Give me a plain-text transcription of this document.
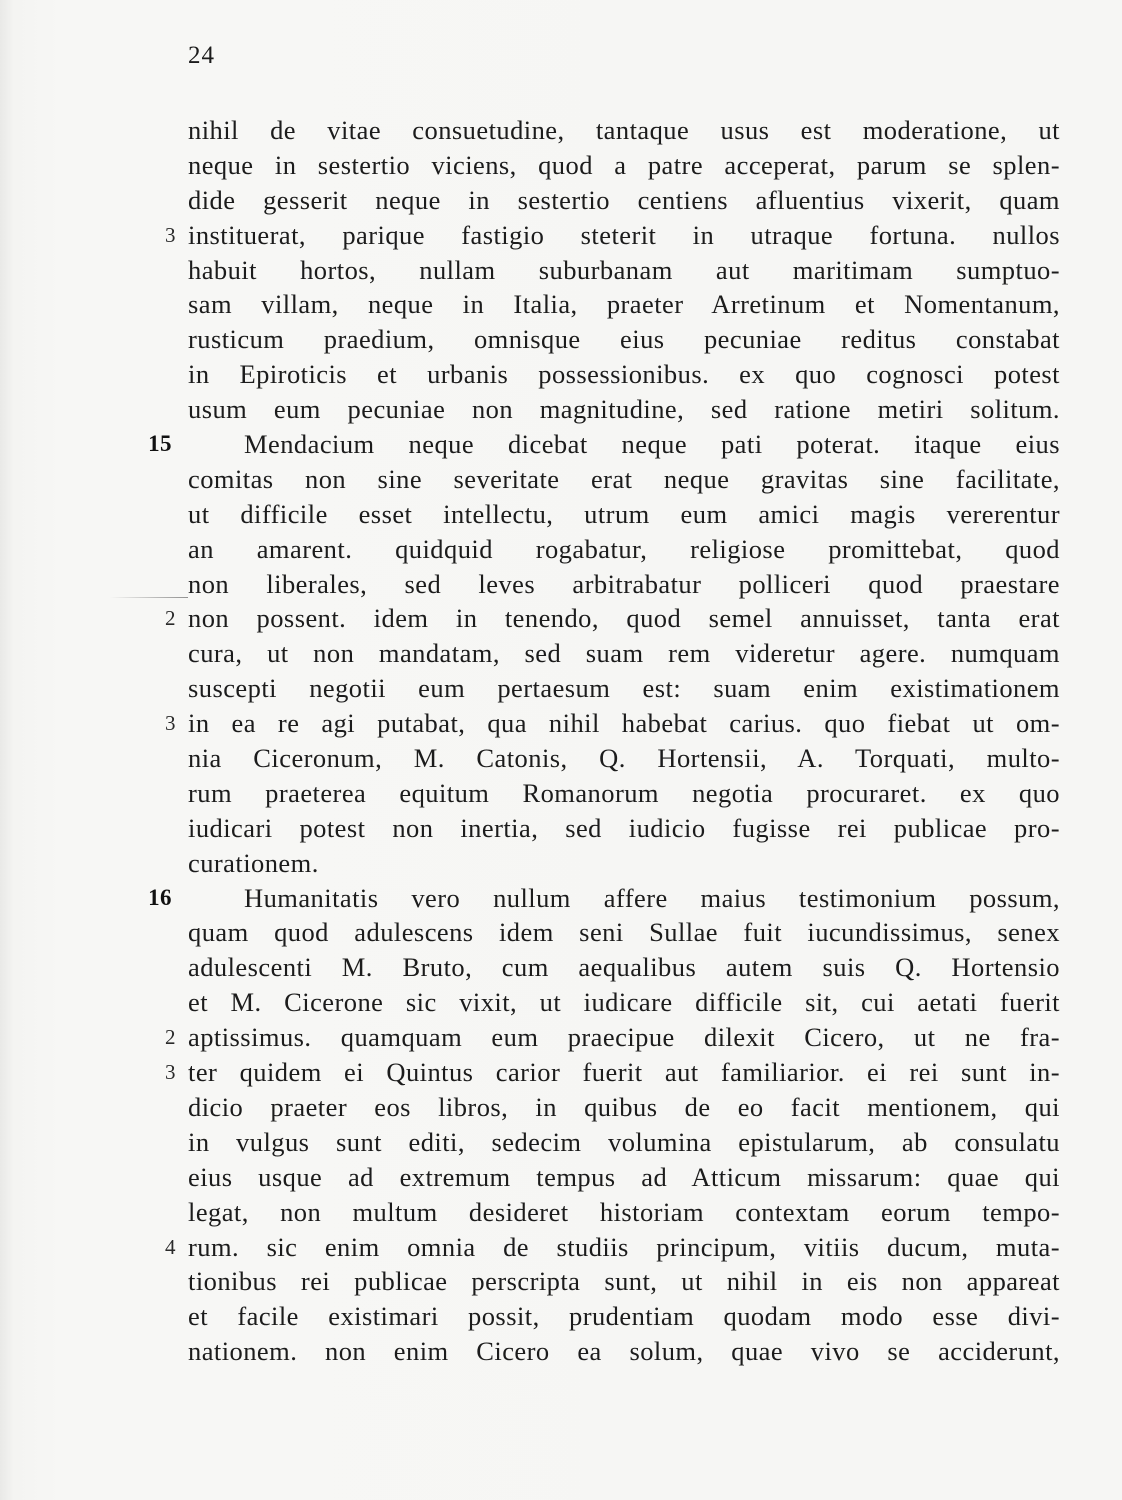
24
nihil de vitae consuetudine, tantaque usus est moderatione, ut
neque in sestertio viciens, quod a patre acceperat, parum se splen-
dide gesserit neque in sestertio centiens afluentius vixerit, quam
3 instituerat, parique fastigio steterit in utraque fortuna. nullos
habuit hortos, nullam suburbanam aut maritimam sumptuo-
sam villam, neque in Italia, praeter Arretinum et Nomentanum,
rusticum praedium, omnisque eius pecuniae reditus constabat
in Epiroticis et urbanis possessionibus. ex quo cognosci potest
usum eum pecuniae non magnitudine, sed ratione metiri solitum.
15	Mendacium neque dicebat neque pati poterat. itaque eius
comitas non sine severitate erat neque gravitas sine facilitate,
ut difficile esset intellectu, utrum eum amici magis vererentur
an amarent. quidquid rogabatur, religiose promittebat, quod
non liberales, sed leves arbitrabatur polliceri quod praestare
2 non possent. idem in tenendo, quod semel annuisset, tanta erat
cura, ut non mandatam, sed suam rem videretur agere. numquam
suscepti negotii eum pertaesum est: suam enim existimationem
3 in ea re agi putabat, qua nihil habebat carius. quo fiebat ut om-
nia Ciceronum, M. Catonis, Q. Hortensii, A. Torquati, multo-
rum praeterea equitum Romanorum negotia procuraret. ex quo
iudicari potest non inertia, sed iudicio fugisse rei publicae pro-
curationem.
16	Humanitatis vero nullum affere maius testimonium possum,
quam quod adulescens idem seni Sullae fuit iucundissimus, senex
adulescenti M. Bruto, cum aequalibus autem suis Q. Hortensio
et M. Cicerone sic vixit, ut iudicare difficile sit, cui aetati fuerit
2 aptissimus. quamquam eum praecipue dilexit Cicero, ut ne fra-
3 ter quidem ei Quintus carior fuerit aut familiarior. ei rei sunt in-
dicio praeter eos libros, in quibus de eo facit mentionem, qui
in vulgus sunt editi, sedecim volumina epistularum, ab consulatu
eius usque ad extremum tempus ad Atticum missarum: quae qui
legat, non multum desideret historiam contextam eorum tempo-
4 rum. sic enim omnia de studiis principum, vitiis ducum, muta-
tionibus rei publicae perscripta sunt, ut nihil in eis non appareat
et facile existimari possit, prudentiam quodam modo esse divi-
nationem. non enim Cicero ea solum, quae vivo se acciderunt,
